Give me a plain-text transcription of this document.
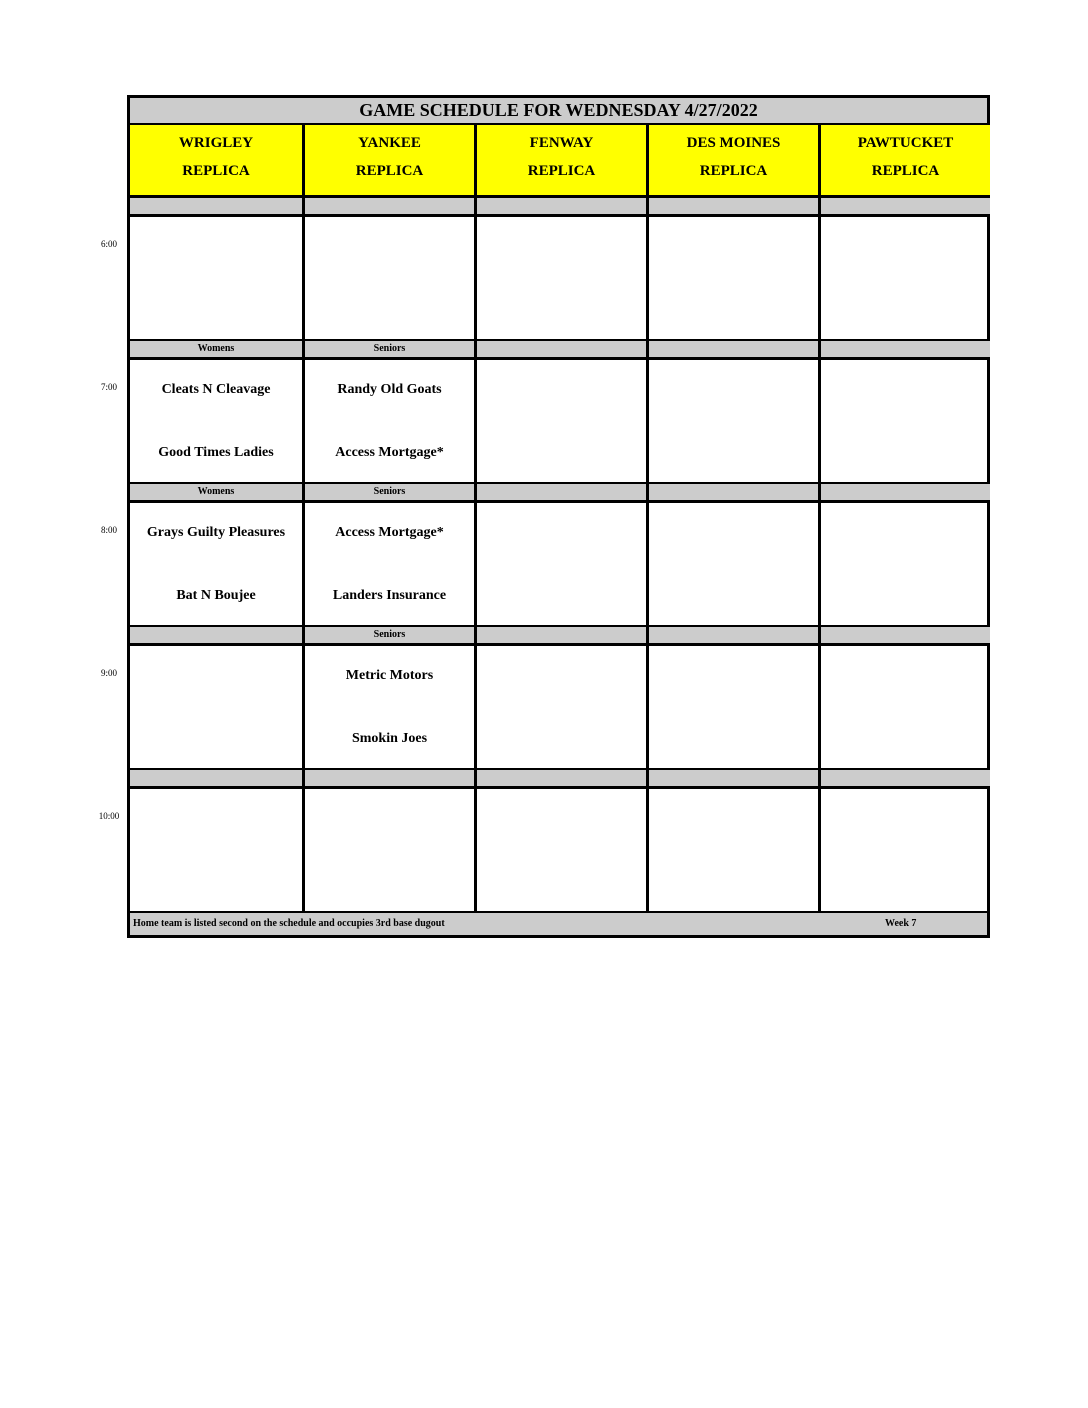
6:00
7:00
8:00
9:00
10:00
GAME SCHEDULE FOR WEDNESDAY 4/27/2022
WRIGLEY
REPLICA
Womens
Cleats N Cleavage
Good Times Ladies
Womens
Grays Guilty Pleasures
Bat N Boujee
YANKEE
REPLICA
Seniors
Randy Old Goats
Access Mortgage*
Seniors
Access Mortgage*
Landers Insurance
Seniors
Metric Motors
Smokin Joes
FENWAY
REPLICA
DES MOINES
REPLICA
PAWTUCKET
REPLICA
Home team is listed second on the schedule and occupies 3rd base dugout	Week 7
